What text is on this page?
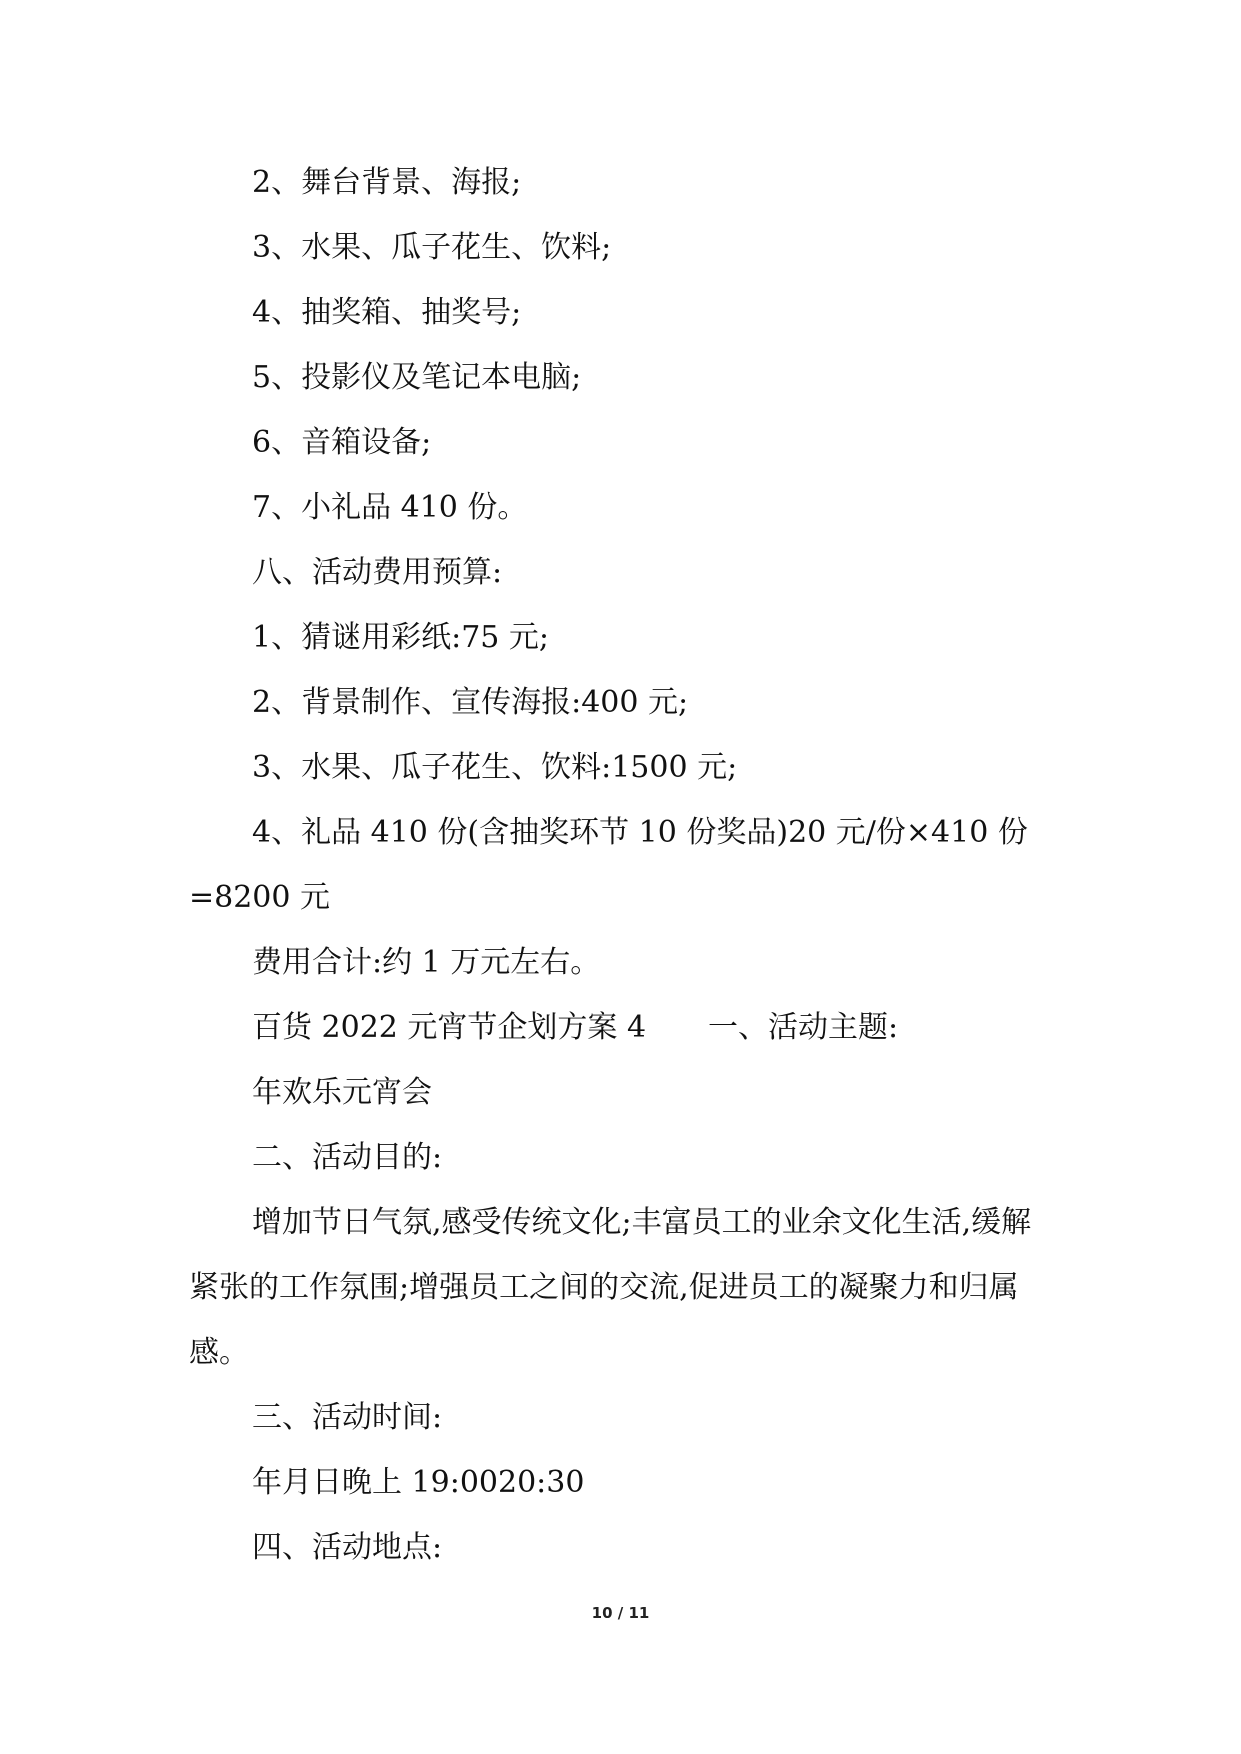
2、舞台背景、海报;

3、水果、瓜子花生、饮料;

4、抽奖箱、抽奖号;

5、投影仪及笔记本电脑;

6、音箱设备;

7、小礼品 410 份。

八、活动费用预算:

1、猜谜用彩纸:75 元;

2、背景制作、宣传海报:400 元;

3、水果、瓜子花生、饮料:1500 元;

4、礼品 410 份(含抽奖环节 10 份奖品)20 元/份×410 份=8200 元

费用合计:约 1 万元左右。

百货 2022 元宵节企划方案 4 一、活动主题:

年欢乐元宵会

二、活动目的:

增加节日气氛,感受传统文化;丰富员工的业余文化生活,缓解紧张的工作氛围;增强员工之间的交流,促进员工的凝聚力和归属感。

三、活动时间:

年月日晚上 19:0020:30

四、活动地点:

10 / 11
